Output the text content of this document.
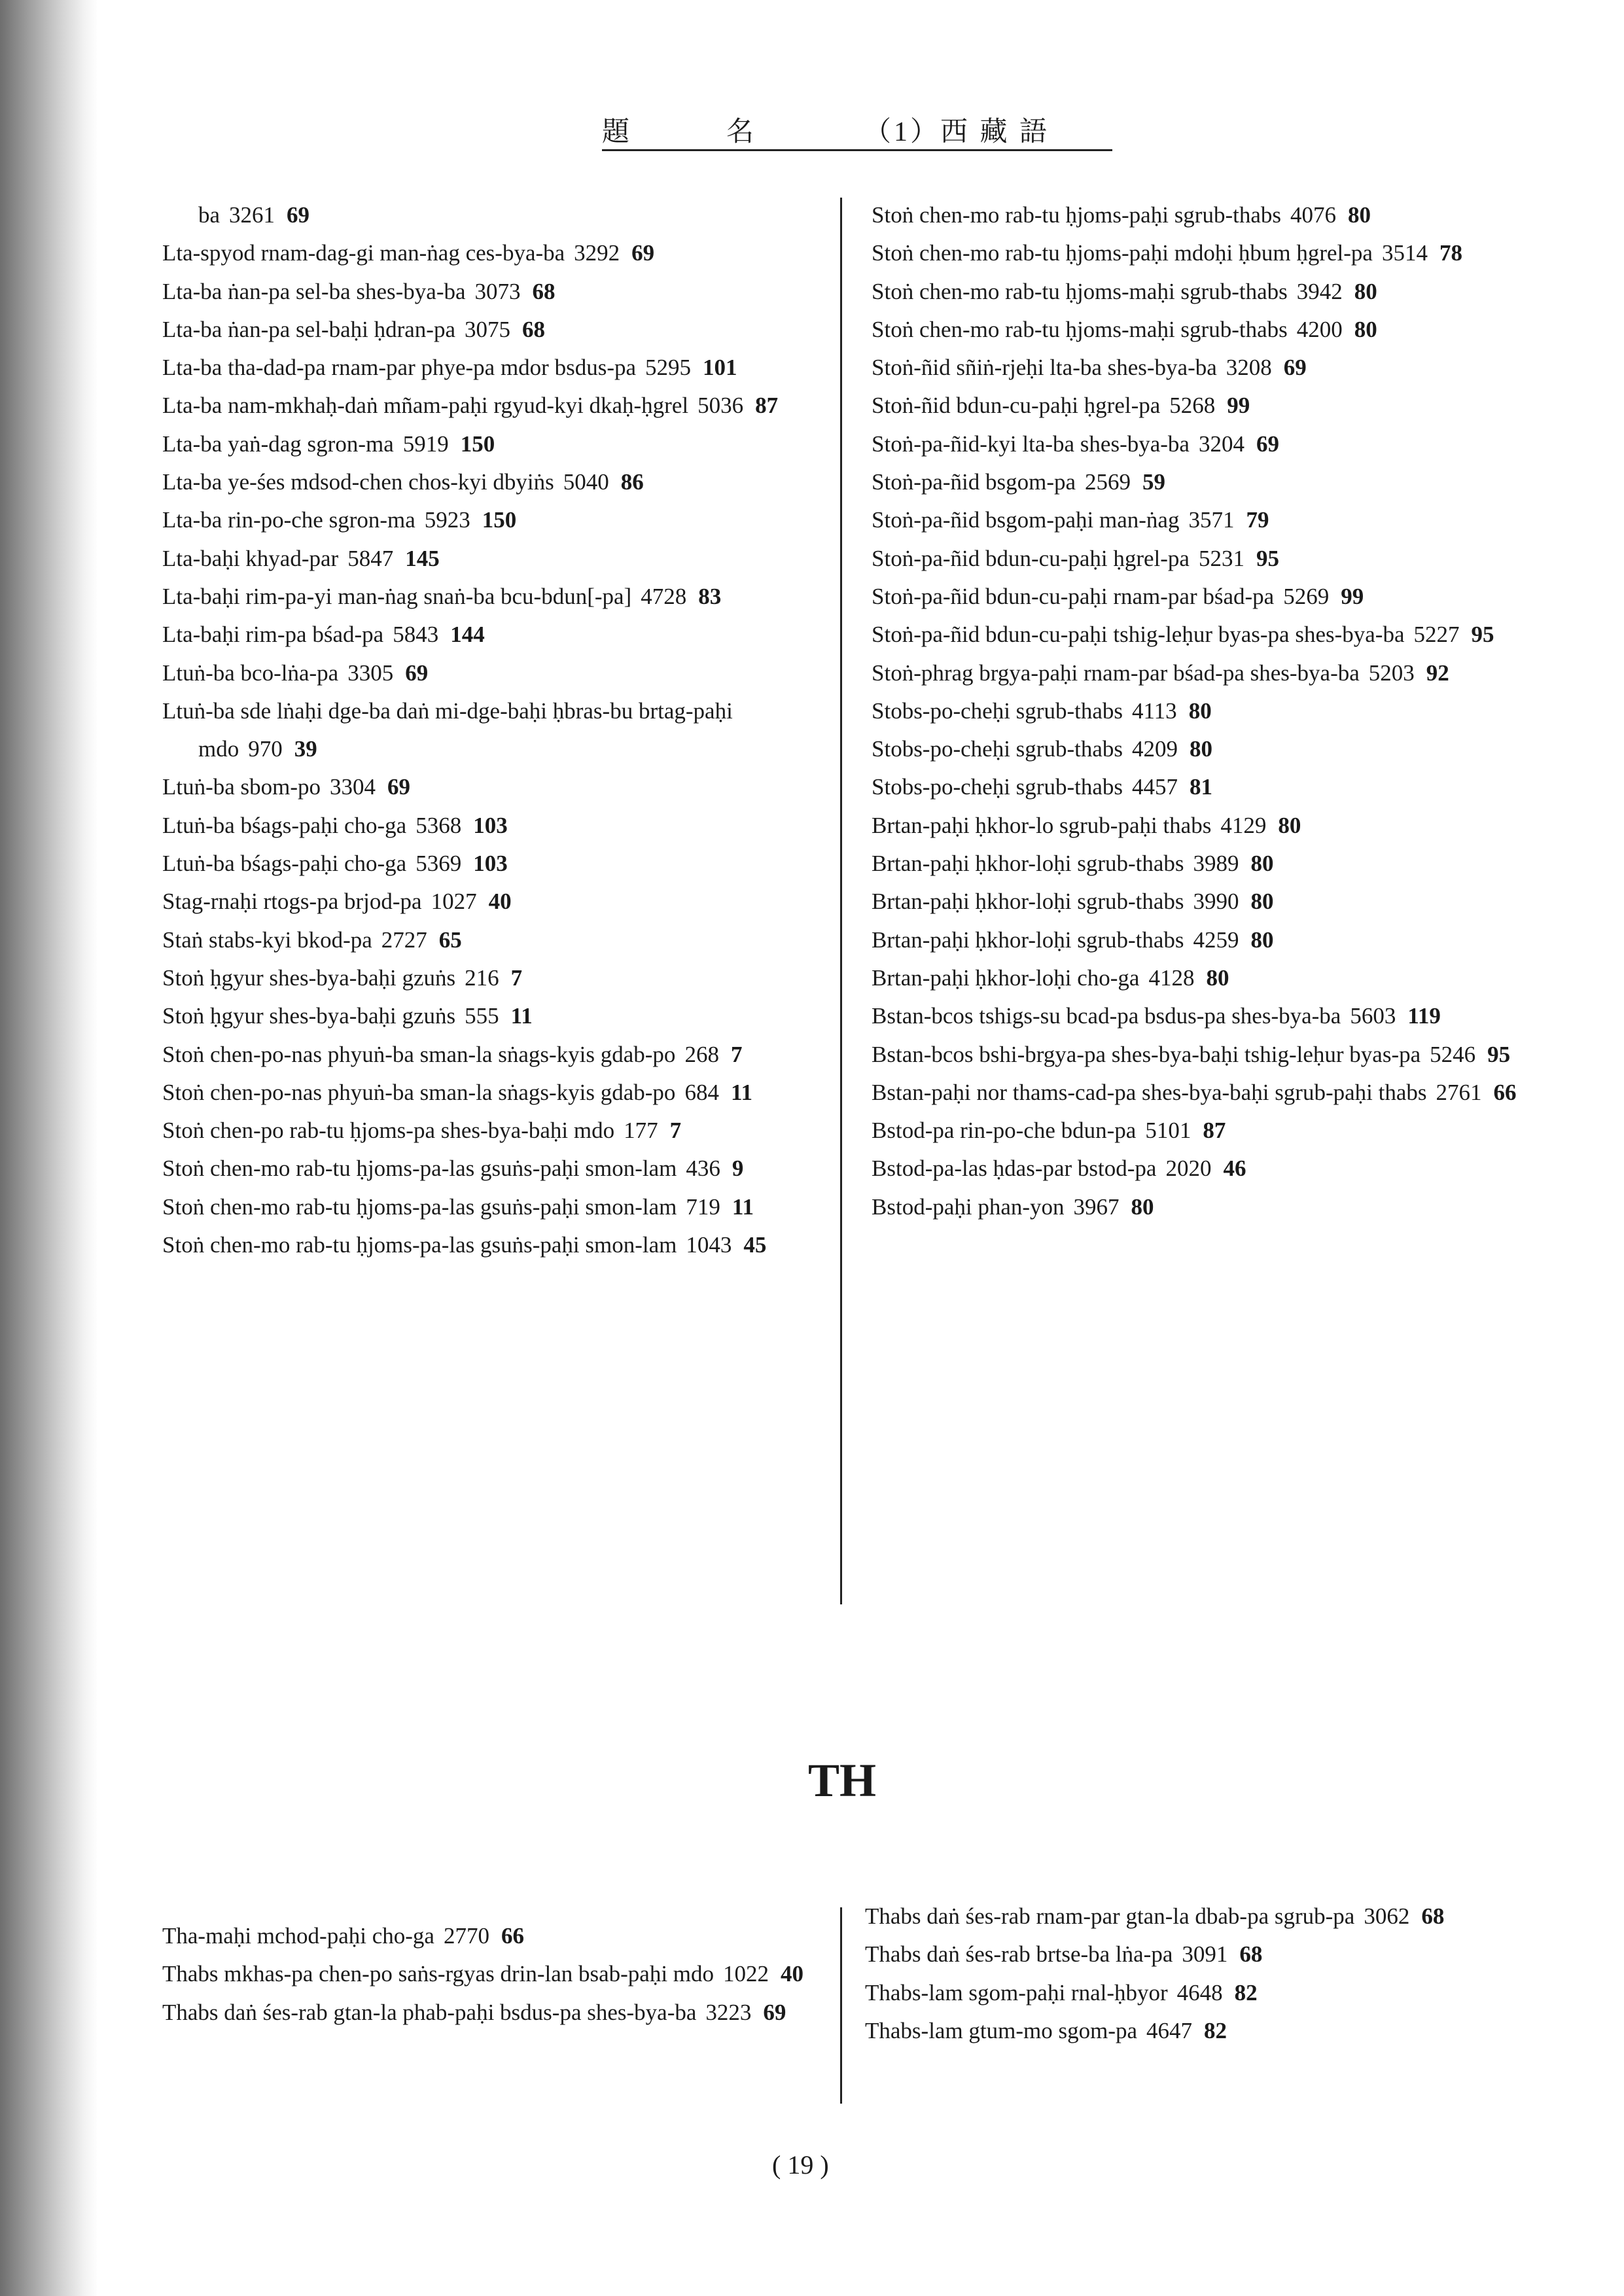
題	名	（1）西 藏 語
ba 3261 69
Lta-spyod rnam-dag-gi man-ṅag ces-bya-ba 3292 69
Lta-ba ṅan-pa sel-ba shes-bya-ba 3073 68
Lta-ba ṅan-pa sel-baḥi ḥdran-pa 3075 68
Lta-ba tha-dad-pa rnam-par phye-pa mdor bsdus-pa 5295 101
Lta-ba nam-mkhaḥ-daṅ mñam-paḥi rgyud-kyi dkaḥ-ḥgrel 5036 87
Lta-ba yaṅ-dag sgron-ma 5919 150
Lta-ba ye-śes mdsod-chen chos-kyi dbyiṅs 5040 86
Lta-ba rin-po-che sgron-ma 5923 150
Lta-baḥi khyad-par 5847 145
Lta-baḥi rim-pa-yi man-ṅag snaṅ-ba bcu-bdun[-pa] 4728 83
Lta-baḥi rim-pa bśad-pa 5843 144
Ltuṅ-ba bco-lṅa-pa 3305 69
Ltuṅ-ba sde lṅaḥi dge-ba daṅ mi-dge-baḥi ḥbras-bu brtag-paḥi mdo 970 39
Ltuṅ-ba sbom-po 3304 69
Ltuṅ-ba bśags-paḥi cho-ga 5368 103
Ltuṅ-ba bśags-paḥi cho-ga 5369 103
Stag-rnaḥi rtogs-pa brjod-pa 1027 40
Staṅ stabs-kyi bkod-pa 2727 65
Stoṅ ḥgyur shes-bya-baḥi gzuṅs 216 7
Stoṅ ḥgyur shes-bya-baḥi gzuṅs 555 11
Stoṅ chen-po-nas phyuṅ-ba sman-la sṅags-kyis gdab-po 268 7
Stoṅ chen-po-nas phyuṅ-ba sman-la sṅags-kyis gdab-po 684 11
Stoṅ chen-po rab-tu ḥjoms-pa shes-bya-baḥi mdo 177 7
Stoṅ chen-mo rab-tu ḥjoms-pa-las gsuṅs-paḥi smon-lam 436 9
Stoṅ chen-mo rab-tu ḥjoms-pa-las gsuṅs-paḥi smon-lam 719 11
Stoṅ chen-mo rab-tu ḥjoms-pa-las gsuṅs-paḥi smon-lam 1043 45
Stoṅ chen-mo rab-tu ḥjoms-paḥi sgrub-thabs 4076 80
Stoṅ chen-mo rab-tu ḥjoms-paḥi mdoḥi ḥbum ḥgrel-pa 3514 78
Stoṅ chen-mo rab-tu ḥjoms-maḥi sgrub-thabs 3942 80
Stoṅ chen-mo rab-tu ḥjoms-maḥi sgrub-thabs 4200 80
Stoṅ-ñid sñiṅ-rjeḥi lta-ba shes-bya-ba 3208 69
Stoṅ-ñid bdun-cu-paḥi ḥgrel-pa 5268 99
Stoṅ-pa-ñid-kyi lta-ba shes-bya-ba 3204 69
Stoṅ-pa-ñid bsgom-pa 2569 59
Stoṅ-pa-ñid bsgom-paḥi man-ṅag 3571 79
Stoṅ-pa-ñid bdun-cu-paḥi ḥgrel-pa 5231 95
Stoṅ-pa-ñid bdun-cu-paḥi rnam-par bśad-pa 5269 99
Stoṅ-pa-ñid bdun-cu-paḥi tshig-leḥur byas-pa shes-bya-ba 5227 95
Stoṅ-phrag brgya-paḥi rnam-par bśad-pa shes-bya-ba 5203 92
Stobs-po-cheḥi sgrub-thabs 4113 80
Stobs-po-cheḥi sgrub-thabs 4209 80
Stobs-po-cheḥi sgrub-thabs 4457 81
Brtan-paḥi ḥkhor-lo sgrub-paḥi thabs 4129 80
Brtan-paḥi ḥkhor-loḥi sgrub-thabs 3989 80
Brtan-paḥi ḥkhor-loḥi sgrub-thabs 3990 80
Brtan-paḥi ḥkhor-loḥi sgrub-thabs 4259 80
Brtan-paḥi ḥkhor-loḥi cho-ga 4128 80
Bstan-bcos tshigs-su bcad-pa bsdus-pa shes-bya-ba 5603 119
Bstan-bcos bshi-brgya-pa shes-bya-baḥi tshig-leḥur byas-pa 5246 95
Bstan-paḥi nor thams-cad-pa shes-bya-baḥi sgrub-paḥi thabs 2761 66
Bstod-pa rin-po-che bdun-pa 5101 87
Bstod-pa-las ḥdas-par bstod-pa 2020 46
Bstod-paḥi phan-yon 3967 80
TH
Tha-maḥi mchod-paḥi cho-ga 2770 66
Thabs mkhas-pa chen-po saṅs-rgyas drin-lan bsab-paḥi mdo 1022 40
Thabs daṅ śes-rab gtan-la phab-paḥi bsdus-pa shes-bya-ba 3223 69
Thabs daṅ śes-rab rnam-par gtan-la dbab-pa sgrub-pa 3062 68
Thabs daṅ śes-rab brtse-ba lṅa-pa 3091 68
Thabs-lam sgom-paḥi rnal-ḥbyor 4648 82
Thabs-lam gtum-mo sgom-pa 4647 82
( 19 )
